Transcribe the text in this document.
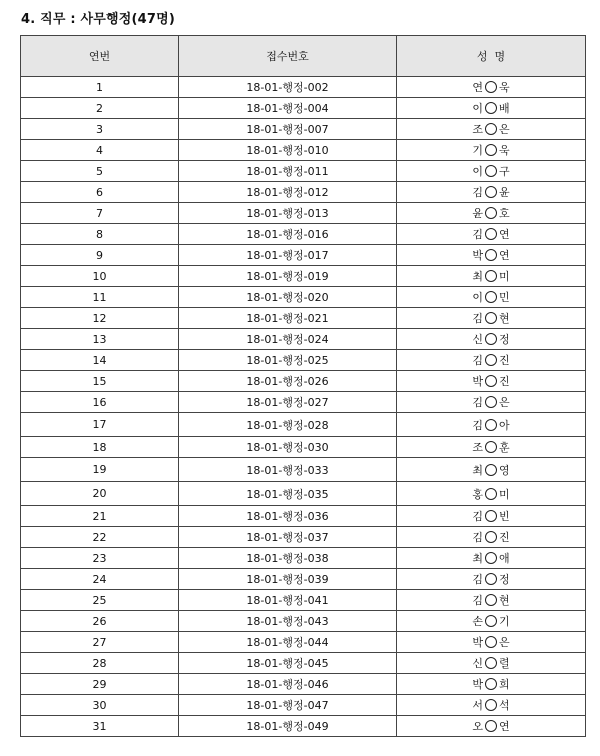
4. 직무 : 사무행정(47명)
연번	접수번호	성  명
1	18-01-행정-002	연 욱
2	18-01-행정-004	이 배
3	18-01-행정-007	조 은
4	18-01-행정-010	기 욱
5	18-01-행정-011	이 구
6	18-01-행정-012	김 윤
7	18-01-행정-013	윤 호
8	18-01-행정-016	김 연
9	18-01-행정-017	박 연
10	18-01-행정-019	최 미
11	18-01-행정-020	이 민
12	18-01-행정-021	김 현
13	18-01-행정-024	신 정
14	18-01-행정-025	김 진
15	18-01-행정-026	박 진
16	18-01-행정-027	김 은
17	18-01-행정-028	김 아
18	18-01-행정-030	조 훈
19	18-01-행정-033	최 영
20	18-01-행정-035	홍 미
21	18-01-행정-036	김 빈
22	18-01-행정-037	김 진
23	18-01-행정-038	최 애
24	18-01-행정-039	김 정
25	18-01-행정-041	김 현
26	18-01-행정-043	손 기
27	18-01-행정-044	박 은
28	18-01-행정-045	신 렬
29	18-01-행정-046	박 희
30	18-01-행정-047	서 석
31	18-01-행정-049	오 연
